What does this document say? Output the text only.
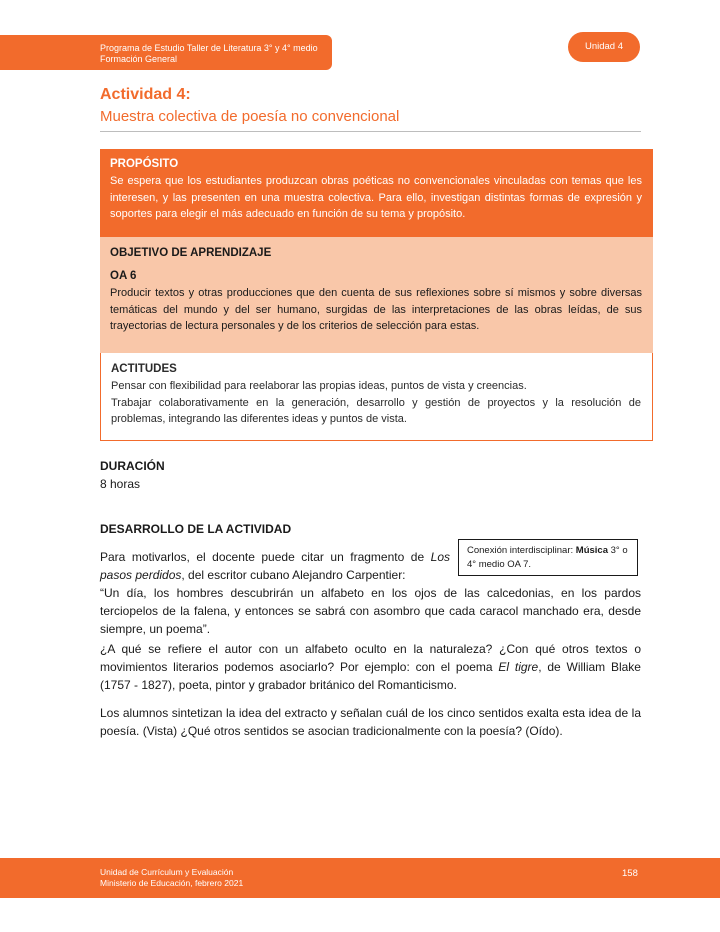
Programa de Estudio Taller de Literatura 3° y 4° medio
Formación General
Unidad 4
Actividad 4:
Muestra colectiva de poesía no convencional
PROPÓSITO

Se espera que los estudiantes produzcan obras poéticas no convencionales vinculadas con temas que les interesen, y las presenten en una muestra colectiva. Para ello, investigan distintas formas de expresión y soportes para elegir el más adecuado en función de su tema y propósito.

OBJETIVO DE APRENDIZAJE
OA 6

Producir textos y otras producciones que den cuenta de sus reflexiones sobre sí mismos y sobre diversas temáticas del mundo y del ser humano, surgidas de las interpretaciones de las obras leídas, de sus trayectorias de lectura personales y de los criterios de selección para estas.

ACTITUDES

Pensar con flexibilidad para reelaborar las propias ideas, puntos de vista y creencias.

Trabajar colaborativamente en la generación, desarrollo y gestión de proyectos y la resolución de problemas, integrando las diferentes ideas y puntos de vista.

DURACIÓN
8 horas
DESARROLLO DE LA ACTIVIDAD
Conexión interdisciplinar: Música 3° o 4° medio OA 7.

Para motivarlos, el docente puede citar un fragmento de Los pasos perdidos, del escritor cubano Alejandro Carpentier:

“Un día, los hombres descubrirán un alfabeto en los ojos de las calcedonias, en los pardos terciopelos de la falena, y entonces se sabrá con asombro que cada caracol manchado era, desde siempre, un poema”.

¿A qué se refiere el autor con un alfabeto oculto en la naturaleza? ¿Con qué otros textos o movimientos literarios podemos asociarlo? Por ejemplo: con el poema El tigre, de William Blake (1757 - 1827), poeta, pintor y grabador británico del Romanticismo.

Los alumnos sintetizan la idea del extracto y señalan cuál de los cinco sentidos exalta esta idea de la poesía. (Vista) ¿Qué otros sentidos se asocian tradicionalmente con la poesía? (Oído).

Unidad de Currículum y Evaluación
Ministerio de Educación, febrero 2021
158
